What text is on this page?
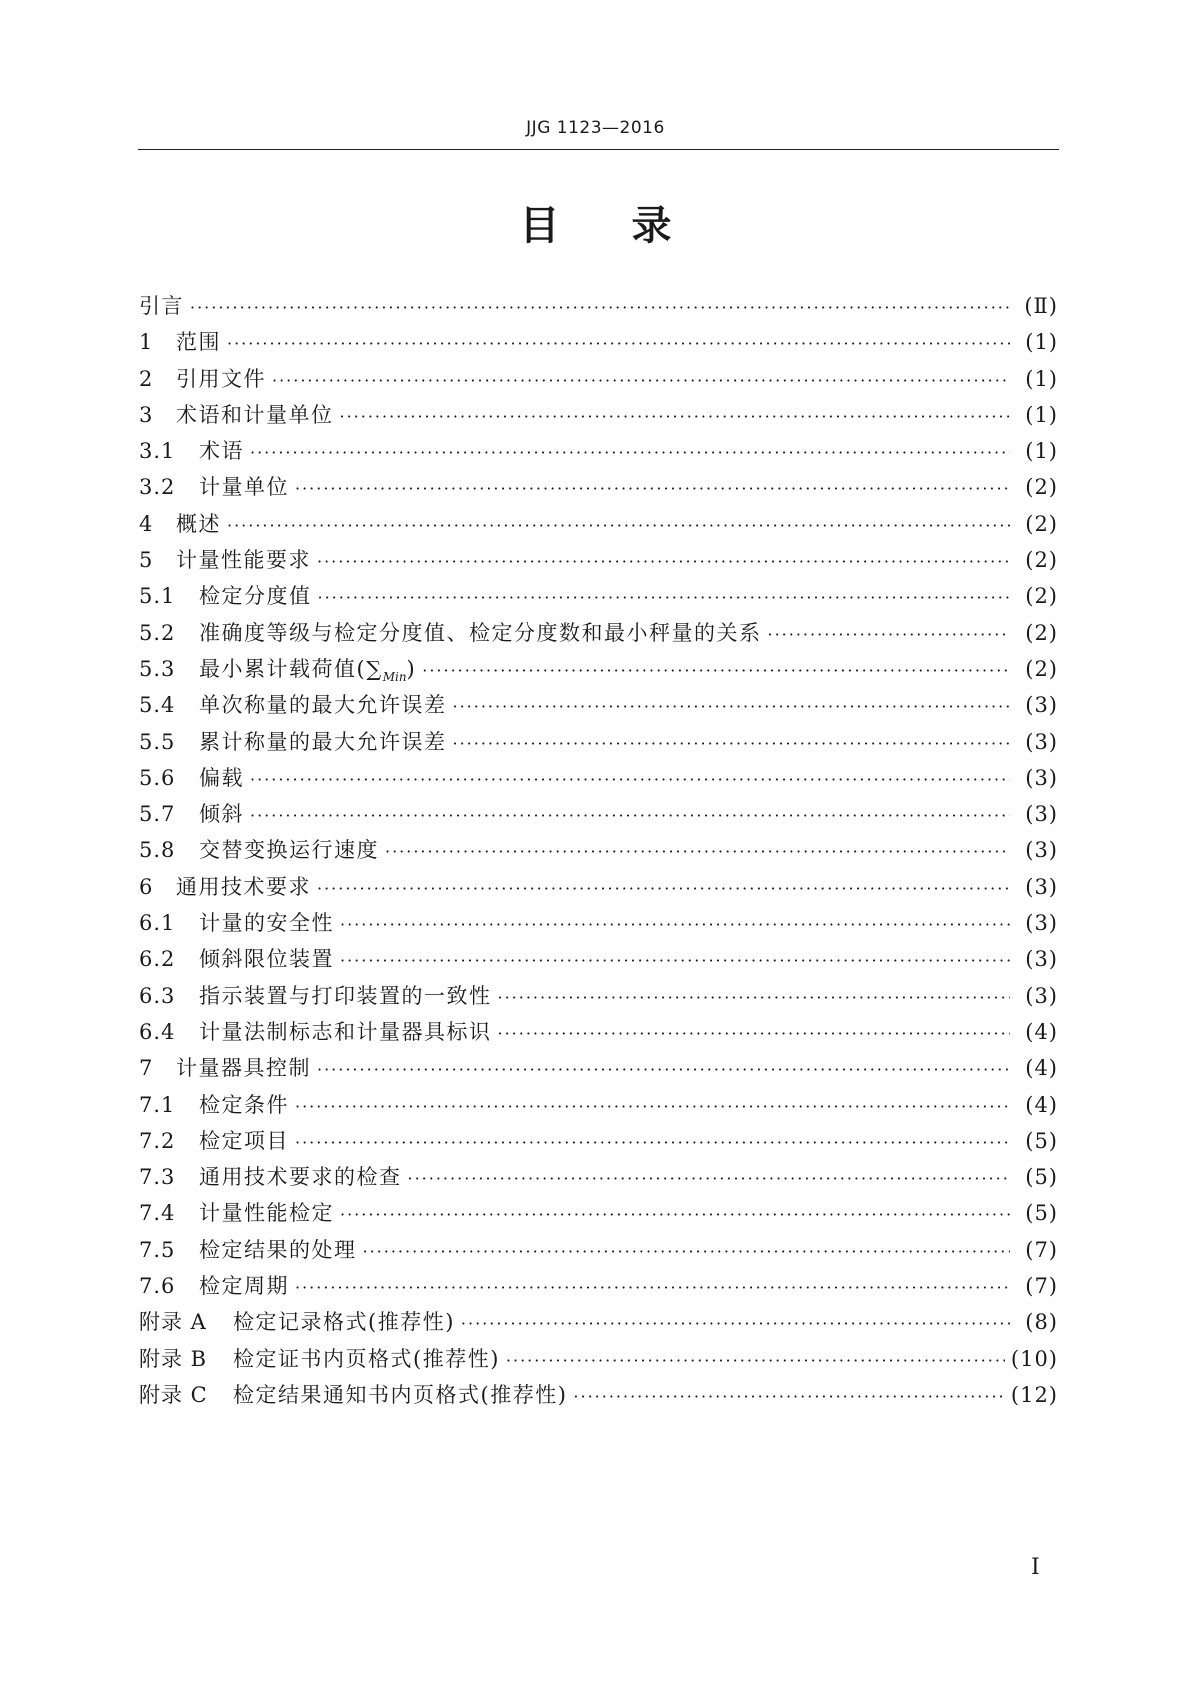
JJG 1123—2016
目 录
引言 ·····	(Ⅱ)
1	范围 ·····	(1)
2	引用文件 ·····	(1)
3	术语和计量单位 ·····	(1)
3.1	术语 ·····	(1)
3.2	计量单位 ·····	(2)
4	概述 ·····	(2)
5	计量性能要求 ·····	(2)
5.1	检定分度值 ·····	(2)
5.2	准确度等级与检定分度值、检定分度数和最小秤量的关系 ·····	(2)
5.3	最小累计载荷值$(\sum_{Min})$ ·····	(2)
5.4	单次称量的最大允许误差 ·····	(3)
5.5	累计称量的最大允许误差 ·····	(3)
5.6	偏载 ·····	(3)
5.7	倾斜 ·····	(3)
5.8	交替变换运行速度 ·····	(3)
6	通用技术要求 ·····	(3)
6.1	计量的安全性 ·····	(3)
6.2	倾斜限位装置 ·····	(3)
6.3	指示装置与打印装置的一致性 ·····	(3)
6.4	计量法制标志和计量器具标识 ·····	(4)
7	计量器具控制 ·····	(4)
7.1	检定条件 ·····	(4)
7.2	检定项目 ·····	(5)
7.3	通用技术要求的检查 ·····	(5)
7.4	计量性能检定 ·····	(5)
7.5	检定结果的处理 ·····	(7)
7.6	检定周期 ·····	(7)
附录 A	检定记录格式(推荐性) ·····	(8)
附录 B	检定证书内页格式(推荐性) ·····	(10)
附录 C	检定结果通知书内页格式(推荐性) ·····	(12)
I
